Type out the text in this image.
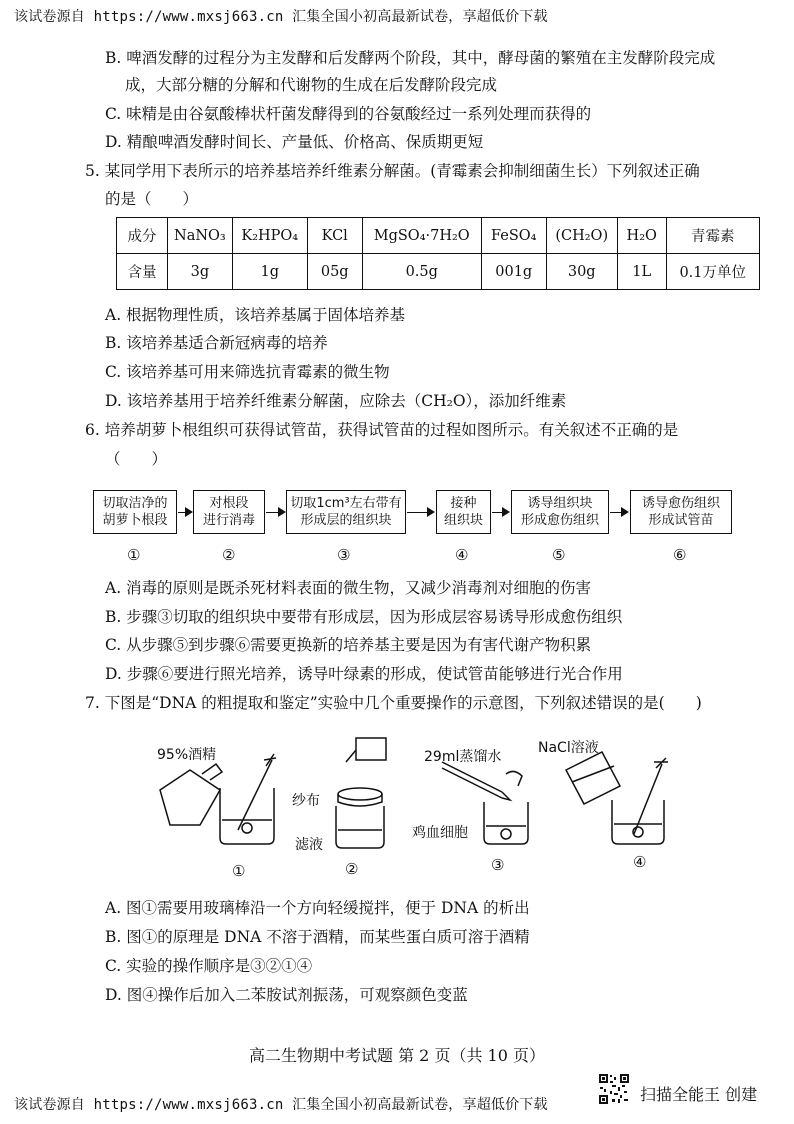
该试卷源自 https://www.mxsj663.cn 汇集全国小初高最新试卷，享超低价下载
B. 啤酒发酵的过程分为主发酵和后发酵两个阶段，其中，酵母菌的繁殖在主发酵阶段完成
成，大部分糖的分解和代谢物的生成在后发酵阶段完成
C. 味精是由谷氨酸棒状杆菌发酵得到的谷氨酸经过一系列处理而获得的
D. 精酿啤酒发酵时间长、产量低、价格高、保质期更短
5. 某同学用下表所示的培养基培养纤维素分解菌。(青霉素会抑制细菌生长）下列叙述正确
的是（　　）
成分	NaNO₃	K₂HPO₄	KCl	MgSO₄·7H₂O	FeSO₄	(CH₂O)	H₂O	青霉素
含量	3g	1g	05g	0.5g	001g	30g	1L	0.1万单位
A. 根据物理性质，该培养基属于固体培养基
B. 该培养基适合新冠病毒的培养
C. 该培养基可用来筛选抗青霉素的微生物
D. 该培养基用于培养纤维素分解菌，应除去（CH₂O），添加纤维素
6. 培养胡萝卜根组织可获得试管苗，获得试管苗的过程如图所示。有关叙述不正确的是
（　　）
切取洁净的
胡萝卜根段
对根段
进行消毒
切取1cm³左右带有
形成层的组织块
接种
组织块
诱导组织块
形成愈伤组织
诱导愈伤组织
形成试管苗
①	②	③	④	⑤	⑥
A. 消毒的原则是既杀死材料表面的微生物，又减少消毒剂对细胞的伤害
B. 步骤③切取的组织块中要带有形成层，因为形成层容易诱导形成愈伤组织
C. 从步骤⑤到步骤⑥需要更换新的培养基主要是因为有害代谢产物积累
D. 步骤⑥要进行照光培养，诱导叶绿素的形成，使试管苗能够进行光合作用
7. 下图是“DNA 的粗提取和鉴定”实验中几个重要操作的示意图，下列叙述错误的是(　　)
95%酒精
纱布
滤液
29ml蒸馏水
鸡血细胞
NaCl溶液
①	②	③	④
A. 图①需要用玻璃棒沿一个方向轻缓搅拌，便于 DNA 的析出
B. 图①的原理是 DNA 不溶于酒精，而某些蛋白质可溶于酒精
C. 实验的操作顺序是③②①④
D. 图④操作后加入二苯胺试剂振荡，可观察颜色变蓝
高二生物期中考试题 第 2 页（共 10 页）
该试卷源自 https://www.mxsj663.cn 汇集全国小初高最新试卷，享超低价下载
扫描全能王 创建
